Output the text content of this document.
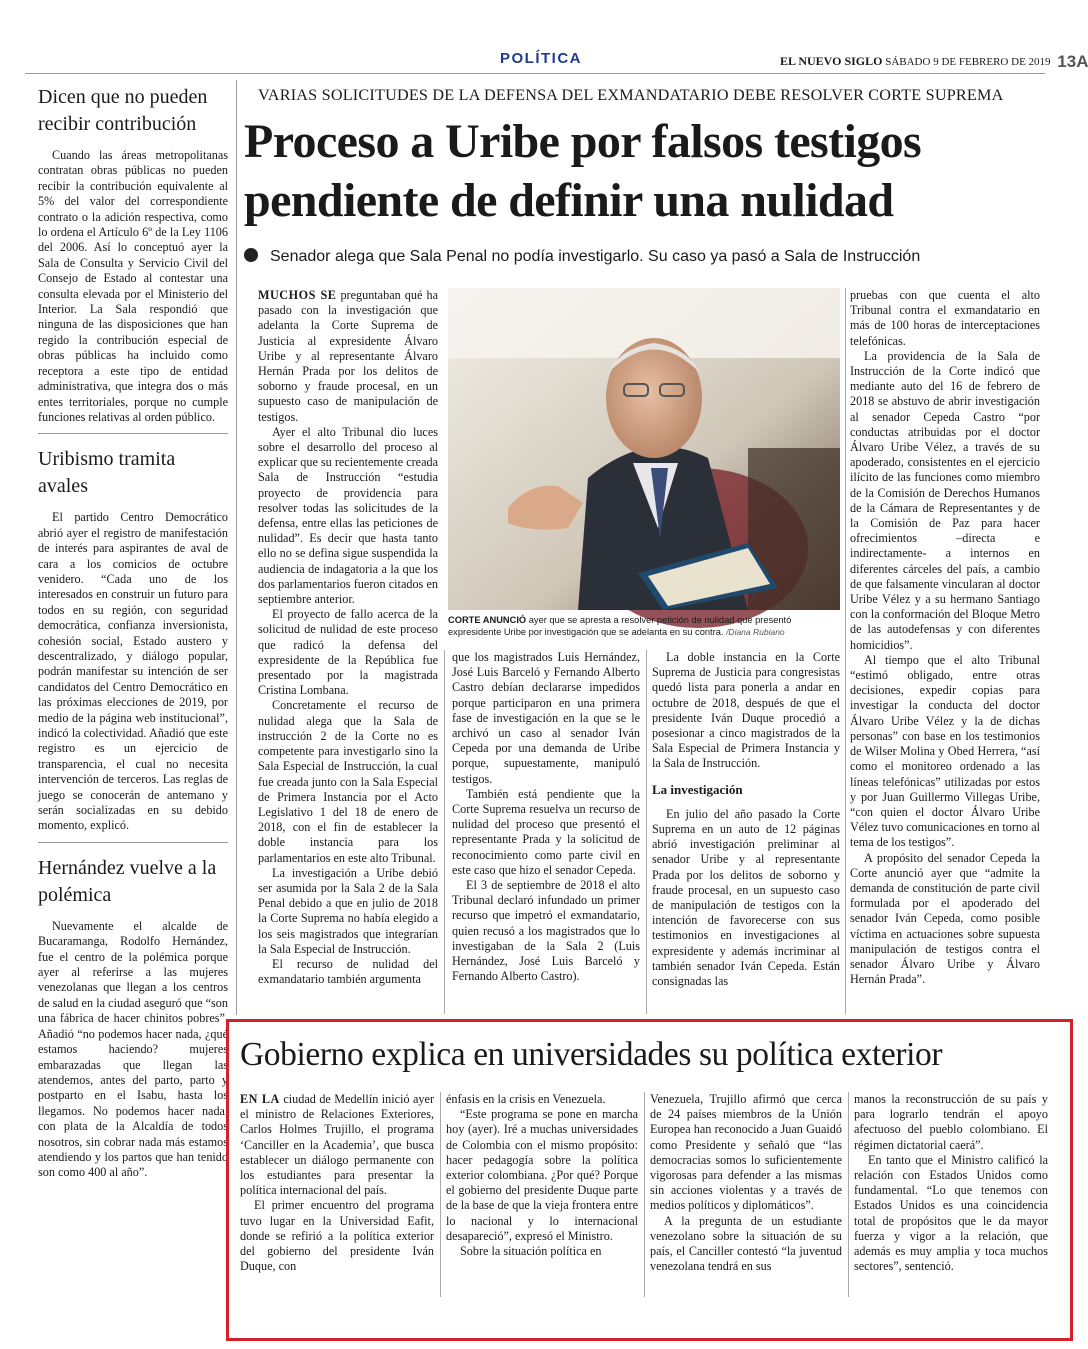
POLÍTICA	EL NUEVO SIGLO SÁBADO 9 DE FEBRERO DE 2019 13A
Dicen que no pueden recibir contribución
Cuando las áreas metropolitanas contratan obras públicas no pueden recibir la contribución equivalente al 5% del valor del correspondiente contrato o la adición respectiva, como lo ordena el Artículo 6º de la Ley 1106 del 2006. Así lo conceptuó ayer la Sala de Consulta y Servicio Civil del Consejo de Estado al contestar una consulta elevada por el Ministerio del Interior. La Sala respondió que ninguna de las disposiciones que han regido la contribución especial de obras públicas ha incluido como receptora a este tipo de entidad administrativa, que integra dos o más entes territoriales, porque no cumple funciones relativas al orden público.
Uribismo tramita avales
El partido Centro Democrático abrió ayer el registro de manifestación de interés para aspirantes de aval de cara a los comicios de octubre venidero. “Cada uno de los interesados en construir un futuro para todos en su región, con seguridad democrática, confianza inversionista, cohesión social, Estado austero y descentralizado, y diálogo popular, podrán manifestar su intención de ser candidatos del Centro Democrático en las próximas elecciones de 2019, por medio de la página web institucional”, indicó la colectividad. Añadió que este registro es un ejercicio de transparencia, el cual no necesita intervención de terceros. Las reglas de juego se conocerán de antemano y serán socializadas en su debido momento, explicó.
Hernández vuelve a la polémica
Nuevamente el alcalde de Bucaramanga, Rodolfo Hernández, fue el centro de la polémica porque ayer al referirse a las mujeres venezolanas que llegan a los centros de salud en la ciudad aseguró que “son una fábrica de hacer chinitos pobres”. Añadió “no podemos hacer nada, ¿qué estamos haciendo? mujeres embarazadas que llegan las atendemos, antes del parto, parto y postparto en el Isabu, hasta los llegamos. No podemos hacer nada, con plata de la Alcaldía de todos nosotros, sin cobrar nada más estamos atendiendo y los partos que han tenido son como 400 al año”.
VARIAS SOLICITUDES DE LA DEFENSA DEL EXMANDATARIO DEBE RESOLVER CORTE SUPREMA
Proceso a Uribe por falsos testigos pendiente de definir una nulidad
Senador alega que Sala Penal no podía investigarlo. Su caso ya pasó a Sala de Instrucción

MUCHOS SE preguntaban qué ha pasado con la investigación que adelanta la Corte Suprema de Justicia al expresidente Álvaro Uribe y al representante Álvaro Hernán Prada por los delitos de soborno y fraude procesal, en un supuesto caso de manipulación de testigos.

Ayer el alto Tribunal dio luces sobre el desarrollo del proceso al explicar que su recientemente creada Sala de Instrucción “estudia proyecto de providencia para resolver todas las solicitudes de la defensa, entre ellas las peticiones de nulidad”. Es decir que hasta tanto ello no se defina sigue suspendida la audiencia de indagatoria a la que los dos parlamentarios fueron citados en septiembre anterior.

El proyecto de fallo acerca de la solicitud de nulidad de este proceso que radicó la defensa del expresidente de la República fue presentado por la magistrada Cristina Lombana.

Concretamente el recurso de nulidad alega que la Sala de instrucción 2 de la Corte no es competente para investigarlo sino la Sala Especial de Instrucción, la cual fue creada junto con la Sala Especial de Primera Instancia por el Acto Legislativo 1 del 18 de enero de 2018, con el fin de establecer la doble instancia para los parlamentarios en este alto Tribunal.

La investigación a Uribe debió ser asumida por la Sala 2 de la Sala Penal debido a que en julio de 2018 la Corte Suprema no había elegido a los seis magistrados que integrarían la Sala Especial de Instrucción.

El recurso de nulidad del exmandatario también argumenta

CORTE ANUNCIÓ ayer que se apresta a resolver petición de nulidad que presentó expresidente Uribe por investigación que se adelanta en su contra. /Diana Rubiano

que los magistrados Luis Hernández, José Luis Barceló y Fernando Alberto Castro debían declararse impedidos porque participaron en una primera fase de investigación en la que se le archivó un caso al senador Iván Cepeda por una demanda de Uribe porque, supuestamente, manipuló testigos.

También está pendiente que la Corte Suprema resuelva un recurso de nulidad del proceso que presentó el representante Prada y la solicitud de reconocimiento como parte civil en este caso que hizo el senador Cepeda.

El 3 de septiembre de 2018 el alto Tribunal declaró infundado un primer recurso que impetró el exmandatario, quien recusó a los magistrados que lo investigaban de la Sala 2 (Luis Hernández, José Luis Barceló y Fernando Alberto Castro).

La doble instancia en la Corte Suprema de Justicia para congresistas quedó lista para ponerla a andar en octubre de 2018, después de que el presidente Iván Duque procedió a posesionar a cinco magistrados de la Sala Especial de Primera Instancia y la Sala de Instrucción.

La investigación

En julio del año pasado la Corte Suprema en un auto de 12 páginas abrió investigación preliminar al senador Uribe y al representante Prada por los delitos de soborno y fraude procesal, en un supuesto caso de manipulación de testigos con la intención de favorecerse con sus testimonios en investigaciones al expresidente y además incriminar al también senador Iván Cepeda. Están consignadas las

pruebas con que cuenta el alto Tribunal contra el exmandatario en más de 100 horas de interceptaciones telefónicas.

La providencia de la Sala de Instrucción de la Corte indicó que mediante auto del 16 de febrero de 2018 se abstuvo de abrir investigación al senador Cepeda Castro “por conductas atribuidas por el doctor Álvaro Uribe Vélez, a través de su apoderado, consistentes en el ejercicio ilícito de las funciones como miembro de la Comisión de Derechos Humanos de la Cámara de Representantes y de la Comisión de Paz para hacer ofrecimientos –directa e indirectamente- a internos en diferentes cárceles del país, a cambio de que falsamente vincularan al doctor Uribe Vélez y a su hermano Santiago con la conformación del Bloque Metro de las autodefensas y con diferentes homicidios”.

Al tiempo que el alto Tribunal “estimó obligado, entre otras decisiones, expedir copias para investigar la conducta del doctor Álvaro Uribe Vélez y la de dichas personas” con base en los testimonios de Wilser Molina y Obed Herrera, “así como el monitoreo ordenado a las líneas telefónicas” utilizadas por estos y por Juan Guillermo Villegas Uribe, “con quien el doctor Álvaro Uribe Vélez tuvo comunicaciones en torno al tema de los testigos”.

A propósito del senador Cepeda la Corte anunció ayer que “admite la demanda de constitución de parte civil formulada por el apoderado del senador Iván Cepeda, como posible víctima en actuaciones sobre supuesta manipulación de testigos contra el senador Álvaro Uribe y Álvaro Hernán Prada”.

Gobierno explica en universidades su política exterior

EN LA ciudad de Medellín inició ayer el ministro de Relaciones Exteriores, Carlos Holmes Trujillo, el programa ‘Canciller en la Academia’, que busca establecer un diálogo permanente con los estudiantes para presentar la política internacional del país.

El primer encuentro del programa tuvo lugar en la Universidad Eafit, donde se refirió a la política exterior del gobierno del presidente Iván Duque, con

énfasis en la crisis en Venezuela.

“Este programa se pone en marcha hoy (ayer). Iré a muchas universidades de Colombia con el mismo propósito: hacer pedagogía sobre la política exterior colombiana. ¿Por qué? Porque el gobierno del presidente Duque parte de la base de que la vieja frontera entre lo nacional y lo internacional desapareció”, expresó el Ministro.

Sobre la situación política en

Venezuela, Trujillo afirmó que cerca de 24 países miembros de la Unión Europea han reconocido a Juan Guaidó como Presidente y señaló que “las democracias somos lo suficientemente vigorosas para defender a las mismas sin acciones violentas y a través de medios políticos y diplomáticos”.

A la pregunta de un estudiante venezolano sobre la situación de su país, el Canciller contestó “la juventud venezolana tendrá en sus

manos la reconstrucción de su país y para lograrlo tendrán el apoyo afectuoso del pueblo colombiano. El régimen dictatorial caerá”.

En tanto que el Ministro calificó la relación con Estados Unidos como fundamental. “Lo que tenemos con Estados Unidos es una coincidencia total de propósitos que le da mayor fuerza y vigor a la relación, que además es muy amplia y toca muchos sectores”, sentenció.
